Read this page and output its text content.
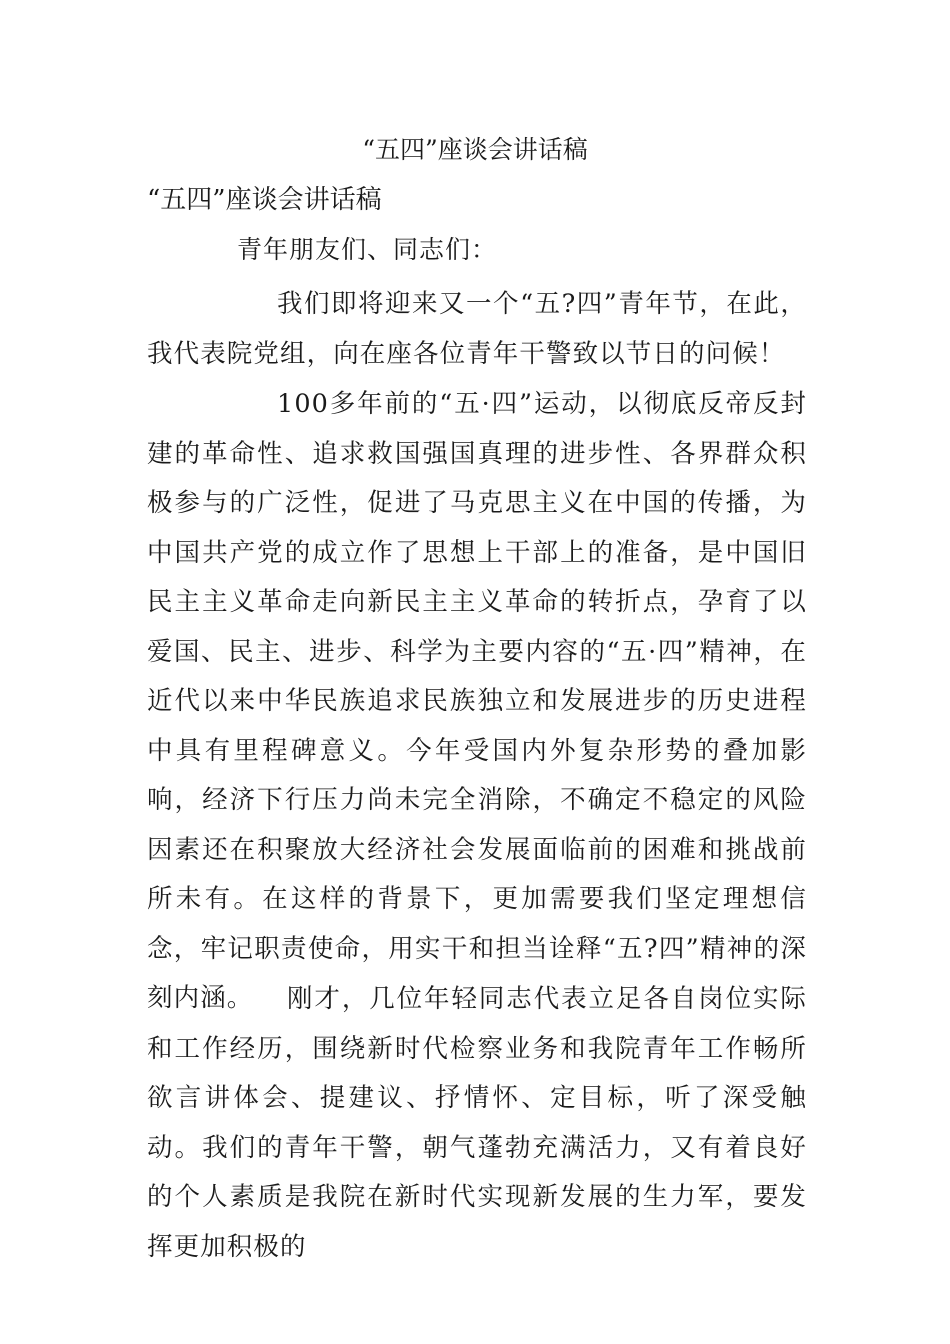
“五四”座谈会讲话稿
“五四”座谈会讲话稿

青年朋友们、同志们：

我们即将迎来又一个“五?四”青年节，在此，我代表院党组，向在座各位青年干警致以节日的问候！

100多年前的“五·四”运动，以彻底反帝反封建的革命性、追求救国强国真理的进步性、各界群众积极参与的广泛性，促进了马克思主义在中国的传播，为中国共产党的成立作了思想上干部上的准备，是中国旧民主主义革命走向新民主主义革命的转折点，孕育了以爱国、民主、进步、科学为主要内容的“五·四”精神，在近代以来中华民族追求民族独立和发展进步的历史进程中具有里程碑意义。今年受国内外复杂形势的叠加影响，经济下行压力尚未完全消除，不确定不稳定的风险因素还在积聚放大经济社会发展面临前的困难和挑战前所未有。在这样的背景下，更加需要我们坚定理想信念，牢记职责使命，用实干和担当诠释“五?四”精神的深刻内涵。	刚才，几位年轻同志代表立足各自岗位实际和工作经历，围绕新时代检察业务和我院青年工作畅所欲言讲体会、提建议、抒情怀、定目标，听了深受触动。我们的青年干警，朝气蓬勃充满活力，又有着良好的个人素质是我院在新时代实现新发展的生力军，要发挥更加积极的
